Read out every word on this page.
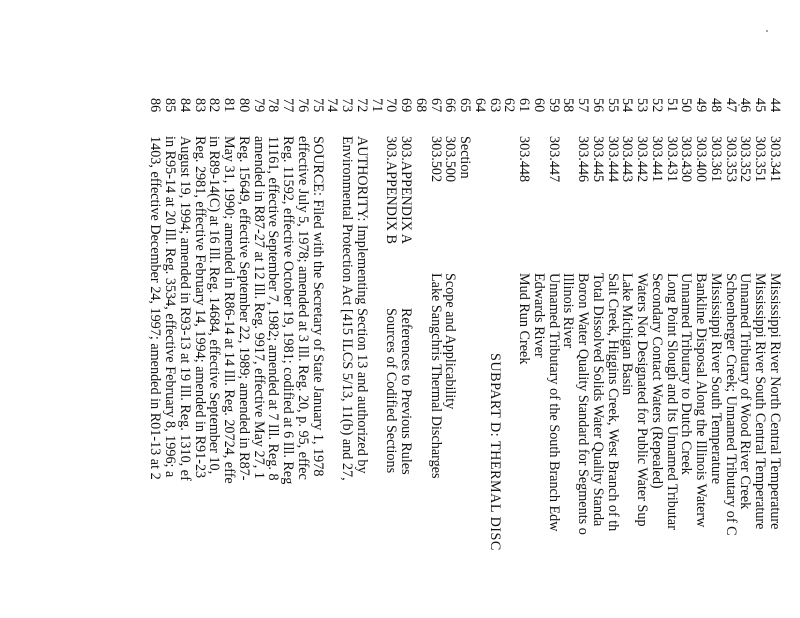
44
303.341
Mississippi River North Central Temperature
45
303.351
Mississippi River South Central Temperature
46
303.352
Unnamed Tributary of Wood River Creek
47
303.353
Schoenberger Creek; Unnamed Tributary of C
48
303.361
Mississippi River South Temperature
49
303.400
Bankline Disposal Along the Illinois Waterw
50
303.430
Unnamed Tributary to Dutch Creek
51
303.431
Long Point Slough and Its Unnamed Tributar
52
303.441
Secondary Contact Waters (Repealed)
53
303.442
Waters Not Designated for Public Water Sup
54
303.443
Lake Michigan Basin
55
303.444
Salt Creek, Higgins Creek, West Branch of th
56
303.445
Total Dissolved Solids Water Quality Standa
57
303.446
Boron Water Quality Standard for Segments o
58
Illinois River
59
303.447
Unnamed Tributary of the South Branch Edw
60
Edwards River
61
303.448
Mud Run Creek
62
63
SUBPART D: THERMAL DISC
64
65
Section
66
303.500
Scope and Applicability
67
303.502
Lake Sangchris Thermal Discharges
68
69
303.APPENDIX A
References to Previous Rules
70
303.APPENDIX B
Sources of Codified Sections
71
72
AUTHORITY: Implementing Section 13 and authorized by
73
Environmental Protection Act [415 ILCS 5/13, 11(b) and 27,
74
75
SOURCE: Filed with the Secretary of State January 1, 1978
76
effective July 5, 1978; amended at 3 Ill. Reg. 20, p. 95, effec
77
Reg. 11592, effective October 19, 1981; codified at 6 Ill. Reg
78
11161, effective September 7, 1982; amended at 7 Ill. Reg. 8
79
amended in R87-27 at 12 Ill. Reg. 9917, effective May 27, 1
80
Reg. 15649, effective September 22, 1989; amended in R87-
81
May 31, 1990; amended in R86-14 at 14 Ill. Reg. 20724, effe
82
in R89-14(C) at 16 Ill. Reg. 14684, effective September 10,
83
Reg. 2981, effective February 14, 1994; amended in R91-23
84
August 19, 1994; amended in R93-13 at 19 Ill. Reg. 1310, ef
85
in R95-14 at 20 Ill. Reg. 3534, effective February 8, 1996; a
86
1403, effective December 24, 1997; amended in R01-13 at 2
